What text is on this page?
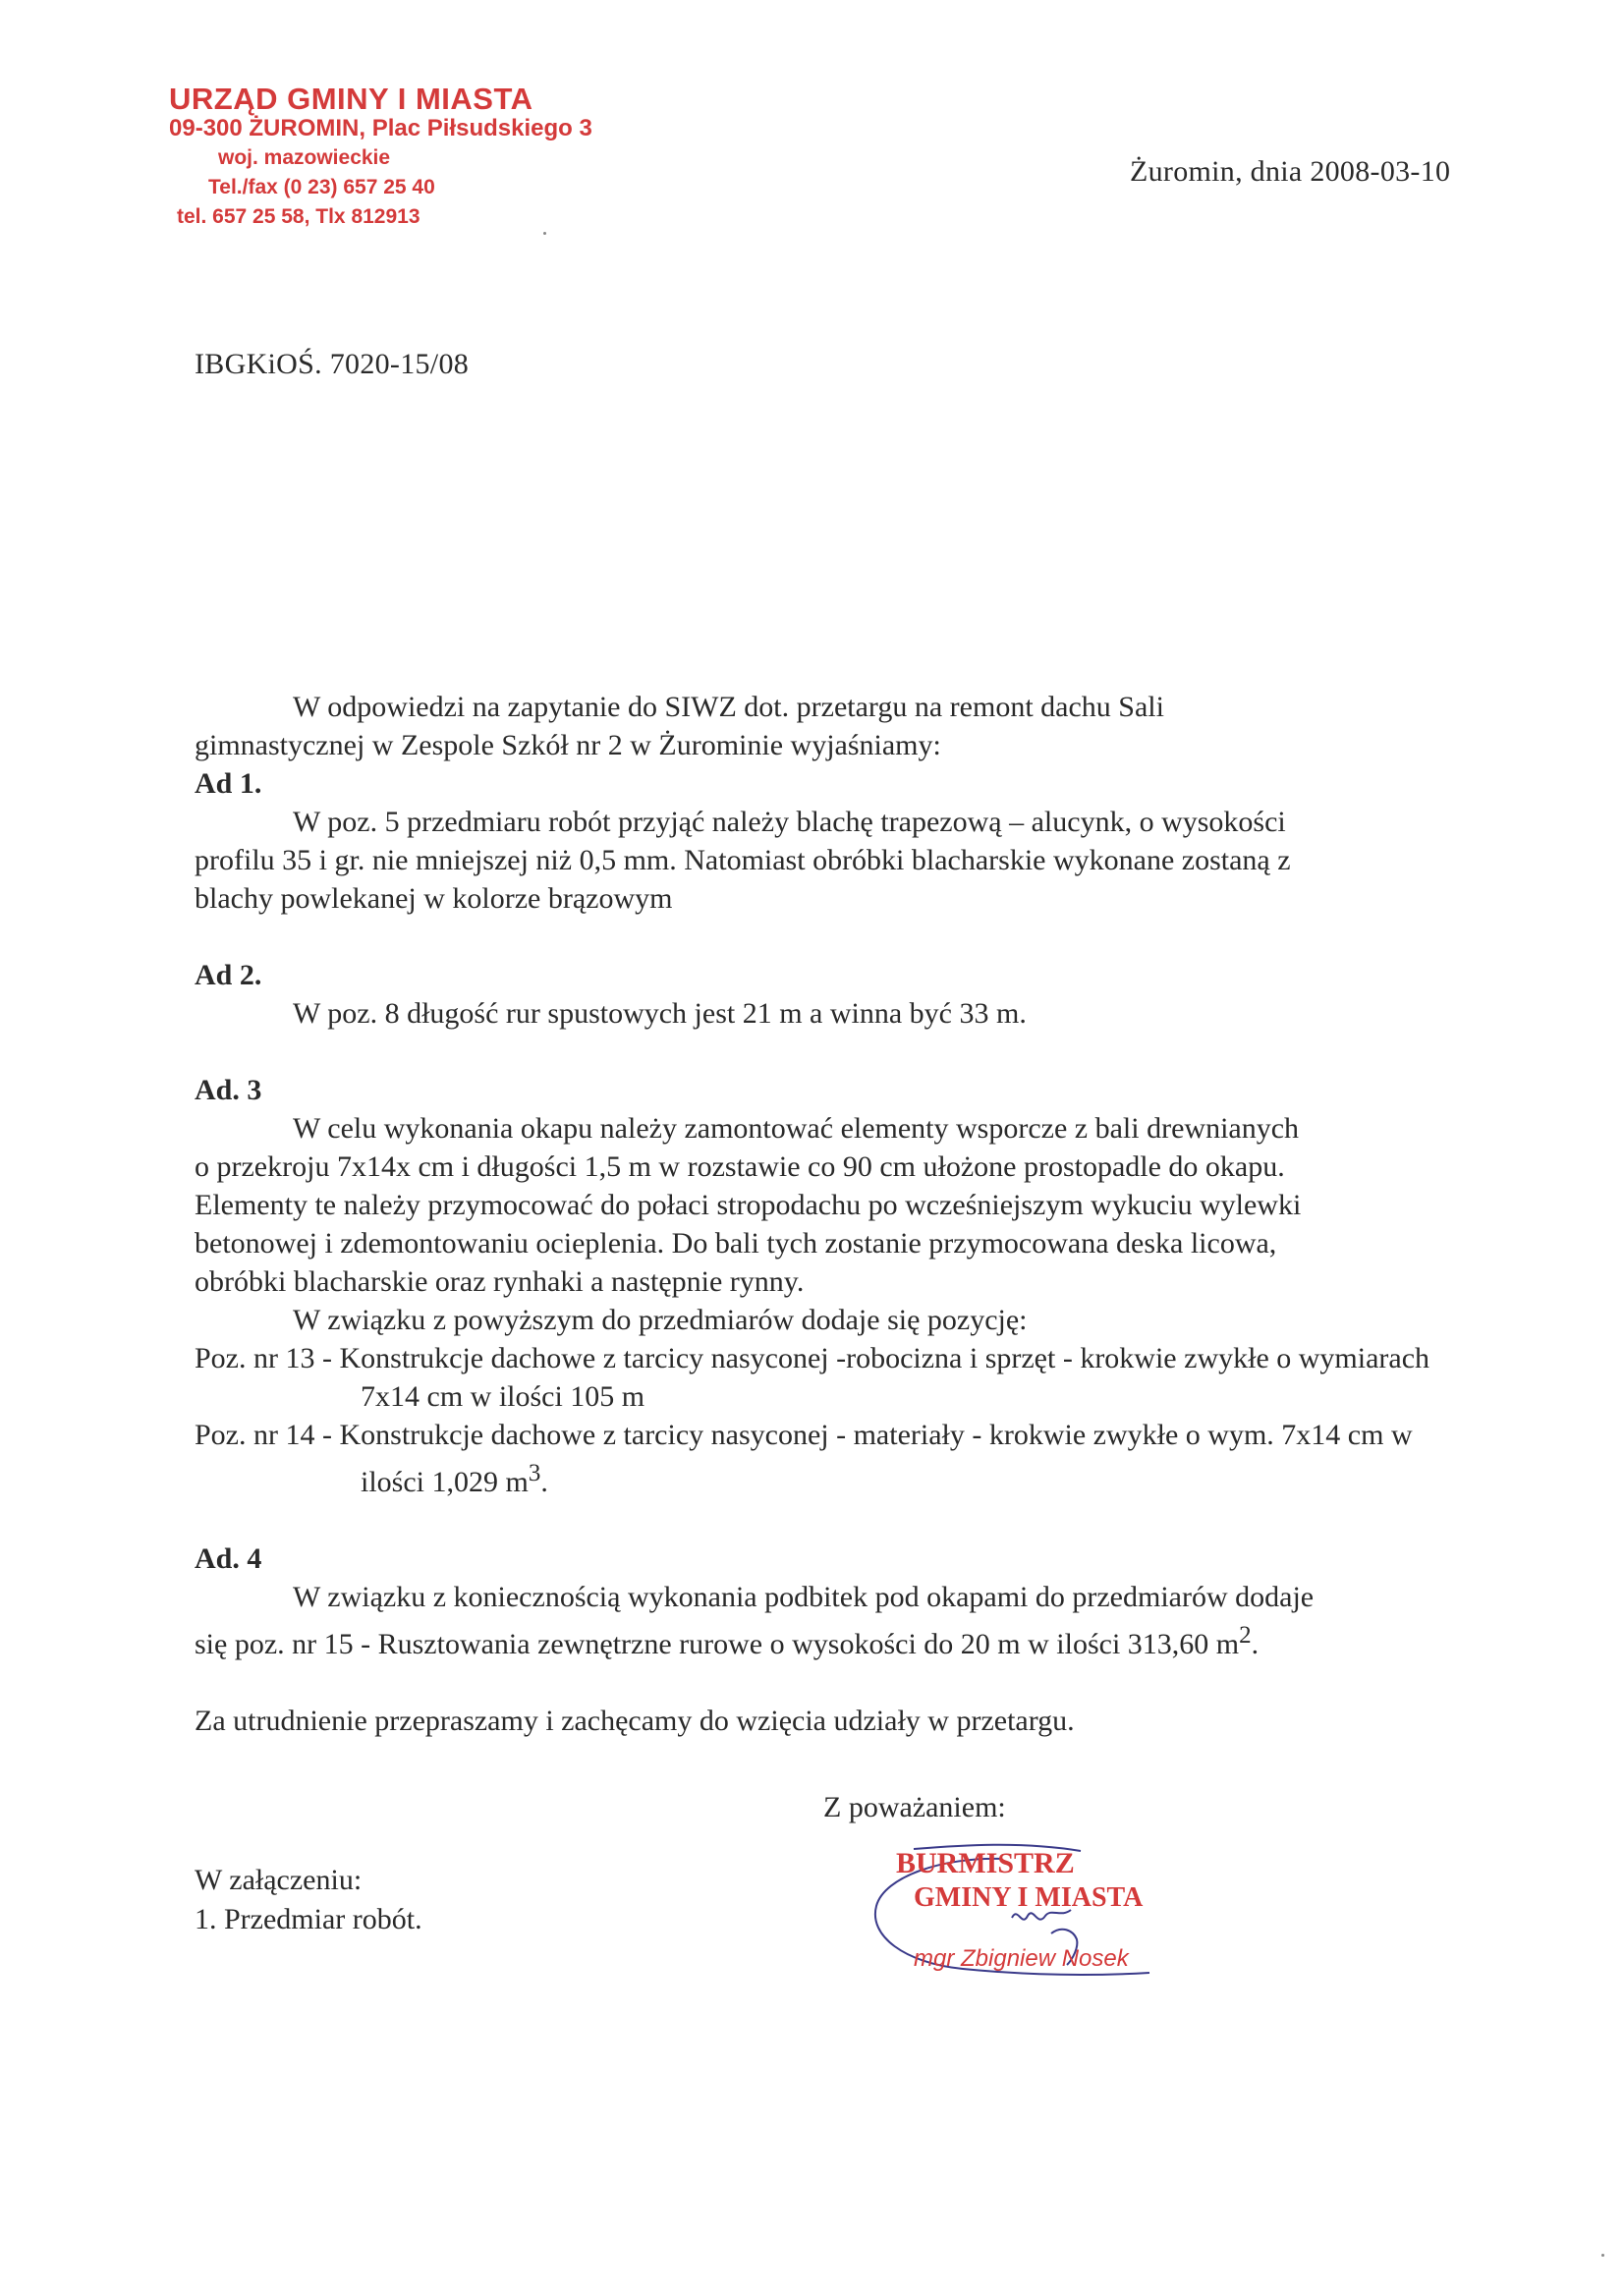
URZĄD GMINY I MIASTA
09-300 ŻUROMIN, Plac Piłsudskiego 3
woj. mazowieckie
Tel./fax (0 23) 657 25 40
tel. 657 25 58, Tlx 812913
Żuromin, dnia 2008-03-10
IBGKiOŚ. 7020-15/08

W odpowiedzi na zapytanie do SIWZ dot. przetargu na remont dachu Sali

gimnastycznej w Zespole Szkół nr 2 w Żurominie wyjaśniamy:

Ad 1.

W poz. 5 przedmiaru robót przyjąć należy blachę trapezową – alucynk, o wysokości

profilu 35 i gr. nie mniejszej niż 0,5 mm. Natomiast obróbki blacharskie wykonane zostaną z

blachy powlekanej w kolorze brązowym

Ad 2.

W poz. 8 długość rur spustowych jest 21 m a winna być 33 m.

Ad. 3

W celu wykonania okapu należy zamontować elementy wsporcze z bali drewnianych

o przekroju 7x14x cm i długości 1,5 m w rozstawie co 90 cm ułożone prostopadle do okapu.

Elementy te należy przymocować do połaci stropodachu po wcześniejszym wykuciu wylewki

betonowej i zdemontowaniu ocieplenia. Do bali tych zostanie przymocowana deska licowa,

obróbki blacharskie oraz rynhaki a następnie rynny.

W związku z powyższym do przedmiarów dodaje się pozycję:

Poz. nr 13 - Konstrukcje dachowe z tarcicy nasyconej -robocizna i sprzęt - krokwie zwykłe o wymiarach 7x14 cm w ilości 105 m

Poz. nr 14 - Konstrukcje dachowe z tarcicy nasyconej - materiały - krokwie zwykłe o wym. 7x14 cm w ilości 1,029 $m^3$.

Ad. 4

W związku z koniecznością wykonania podbitek pod okapami do przedmiarów dodaje

się poz. nr 15 - Rusztowania zewnętrzne rurowe o wysokości do 20 m w ilości 313,60 $m^2$.

Za utrudnienie przepraszamy i zachęcamy do wzięcia udziały w przetargu.

Z poważaniem:

W załączeniu:

1. Przedmiar robót.

BURMISTRZ
GMINY I MIASTA
mgr Zbigniew Nosek
